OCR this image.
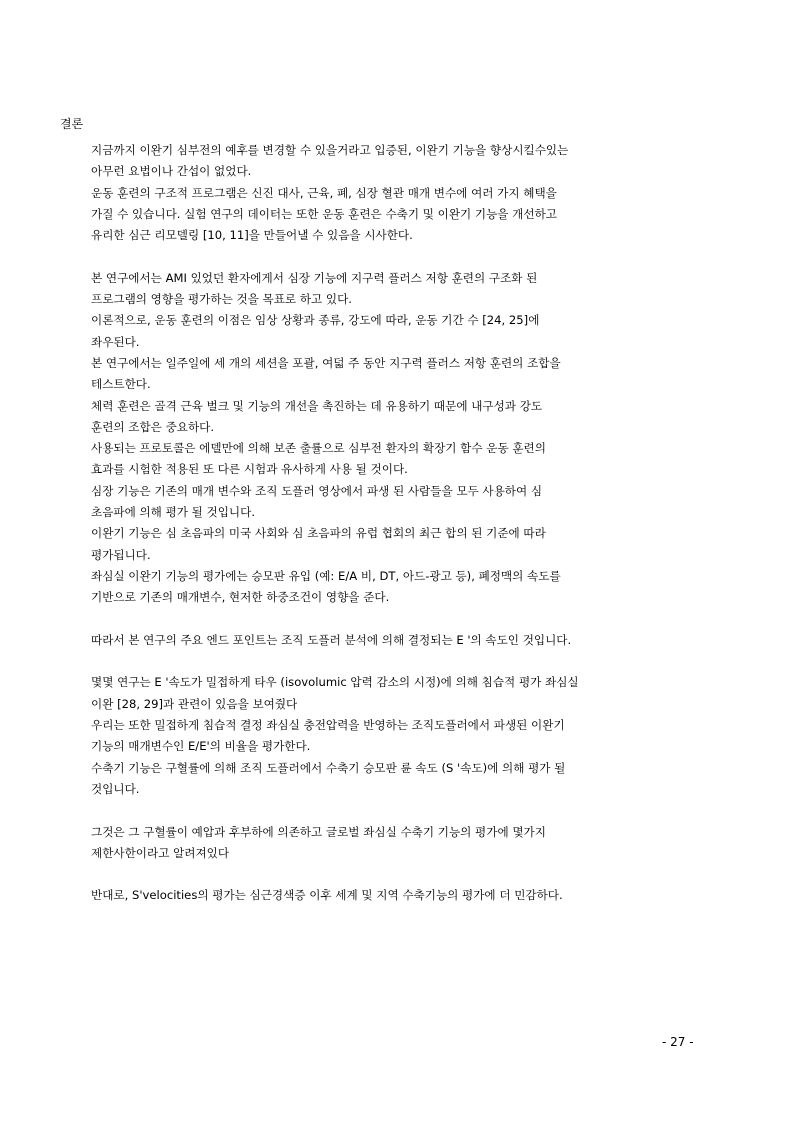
결론
지금까지 이완기 심부전의 예후를 변경할 수 있을거라고 입증된, 이완기 기능을 향상시킬수있는
아무런 요법이나 간섭이 없었다.
운동 훈련의 구조적 프로그램은 신진 대사, 근육, 폐, 심장 혈관 매개 변수에 여러 가지 혜택을
가질 수 있습니다. 실험 연구의 데이터는 또한 운동 훈련은 수축기 및 이완기 기능을 개선하고
유리한 심근 리모델링 [10, 11]을 만들어낼 수 있음을 시사한다.
본 연구에서는 AMI 있었던 환자에게서 심장 기능에 지구력 플러스 저항 훈련의 구조화 된
프로그램의 영향을 평가하는 것을 목표로 하고 있다.
이론적으로, 운동 훈련의 이점은 임상 상황과 종류, 강도에 따라, 운동 기간 수 [24, 25]에
좌우된다.
본 연구에서는 일주일에 세 개의 세션을 포괄, 여덟 주 동안 지구력 플러스 저항 훈련의 조합을
테스트한다.
체력 훈련은 골격 근육 벌크 및 기능의 개선을 촉진하는 데 유용하기 때문에 내구성과 강도
훈련의 조합은 중요하다.
사용되는 프로토콜은 에델만에 의해 보존 출률으로 심부전 환자의 확장기 함수 운동 훈련의
효과를 시험한 적용된 또 다른 시험과 유사하게 사용 될 것이다.
심장 기능은 기존의 매개 변수와 조직 도플러 영상에서 파생 된 사람들을 모두 사용하여 심
초음파에 의해 평가 될 것입니다.
이완기 기능은 심 초음파의 미국 사회와 심 초음파의 유럽 협회의 최근 합의 된 기준에 따라
평가됩니다.
좌심실 이완기 기능의 평가에는 승모판 유입 (예: E/A 비, DT, 아드-광고 등), 폐정맥의 속도를
기반으로 기존의 매개변수, 현저한 하중조건이 영향을 준다.
따라서 본 연구의 주요 엔드 포인트는 조직 도플러 분석에 의해 결정되는 E '의 속도인 것입니다.
몇몇 연구는 E '속도가 밀접하게 타우 (isovolumic 압력 감소의 시정)에 의해 침습적 평가 좌심실
이완 [28, 29]과 관련이 있음을 보여줬다
우리는 또한 밀접하게 침습적 결정 좌심실 충전압력을 반영하는 조직도플러에서 파생된 이완기
기능의 매개변수인 E/E'의 비율을 평가한다.
수축기 기능은 구혈률에 의해 조직 도플러에서 수축기 승모판 륜 속도 (S '속도)에 의해 평가 될
것입니다.
그것은 그 구혈률이 예압과 후부하에 의존하고 글로벌 좌심실 수축기 기능의 평가에 몇가지
제한사한이라고 알려져있다
반대로, S'velocities의 평가는 심근경색증 이후 세계 및 지역 수축기능의 평가에 더 민감하다.
- 27 -
